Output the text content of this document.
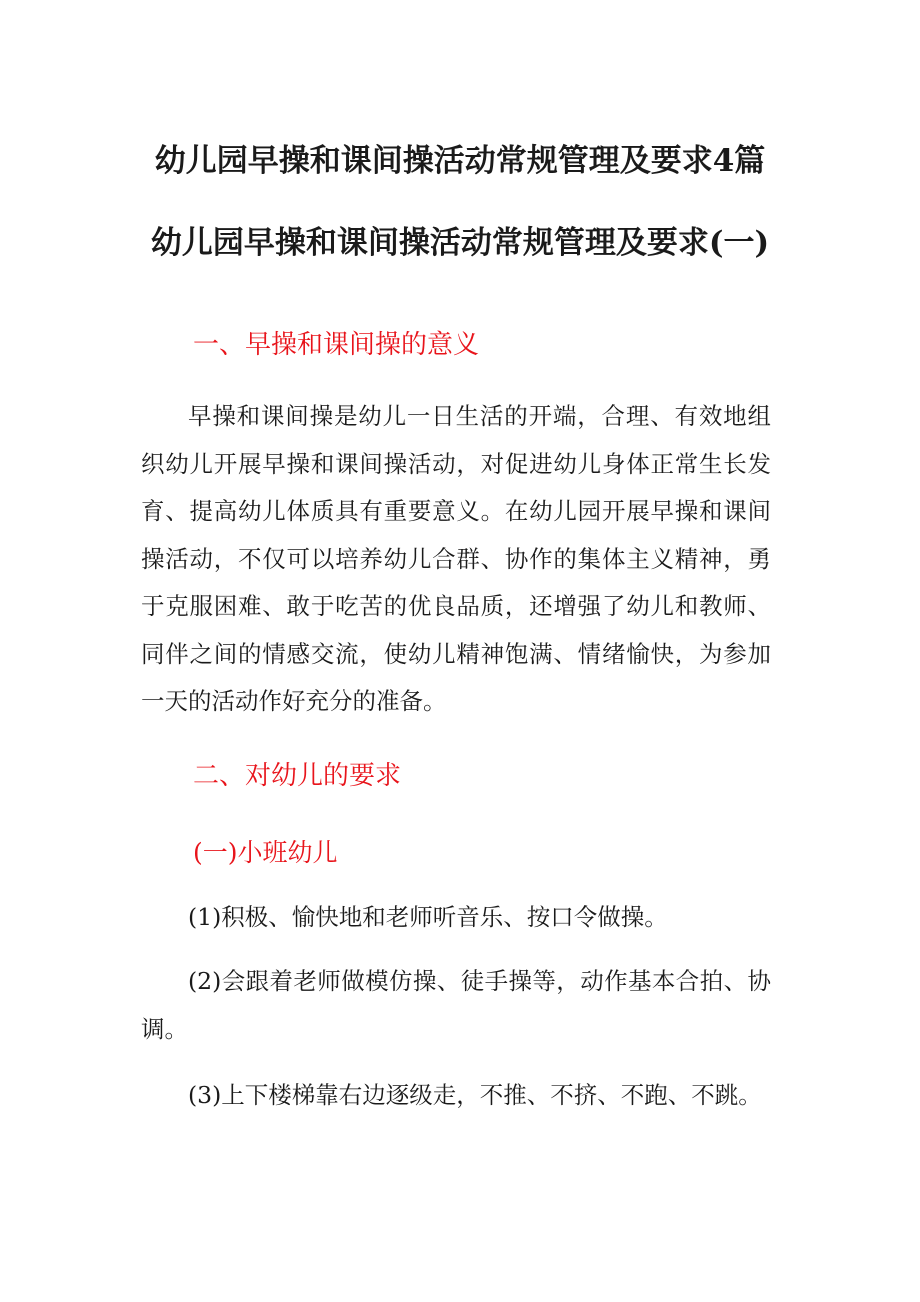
幼儿园早操和课间操活动常规管理及要求4篇
幼儿园早操和课间操活动常规管理及要求(一)
一、早操和课间操的意义

早操和课间操是幼儿一日生活的开端，合理、有效地组织幼儿开展早操和课间操活动，对促进幼儿身体正常生长发育、提高幼儿体质具有重要意义。在幼儿园开展早操和课间操活动，不仅可以培养幼儿合群、协作的集体主义精神，勇于克服困难、敢于吃苦的优良品质，还增强了幼儿和教师、同伴之间的情感交流，使幼儿精神饱满、情绪愉快，为参加一天的活动作好充分的准备。

二、对幼儿的要求
(一)小班幼儿

(1)积极、愉快地和老师听音乐、按口令做操。

(2)会跟着老师做模仿操、徒手操等，动作基本合拍、协调。

(3)上下楼梯靠右边逐级走，不推、不挤、不跑、不跳。
